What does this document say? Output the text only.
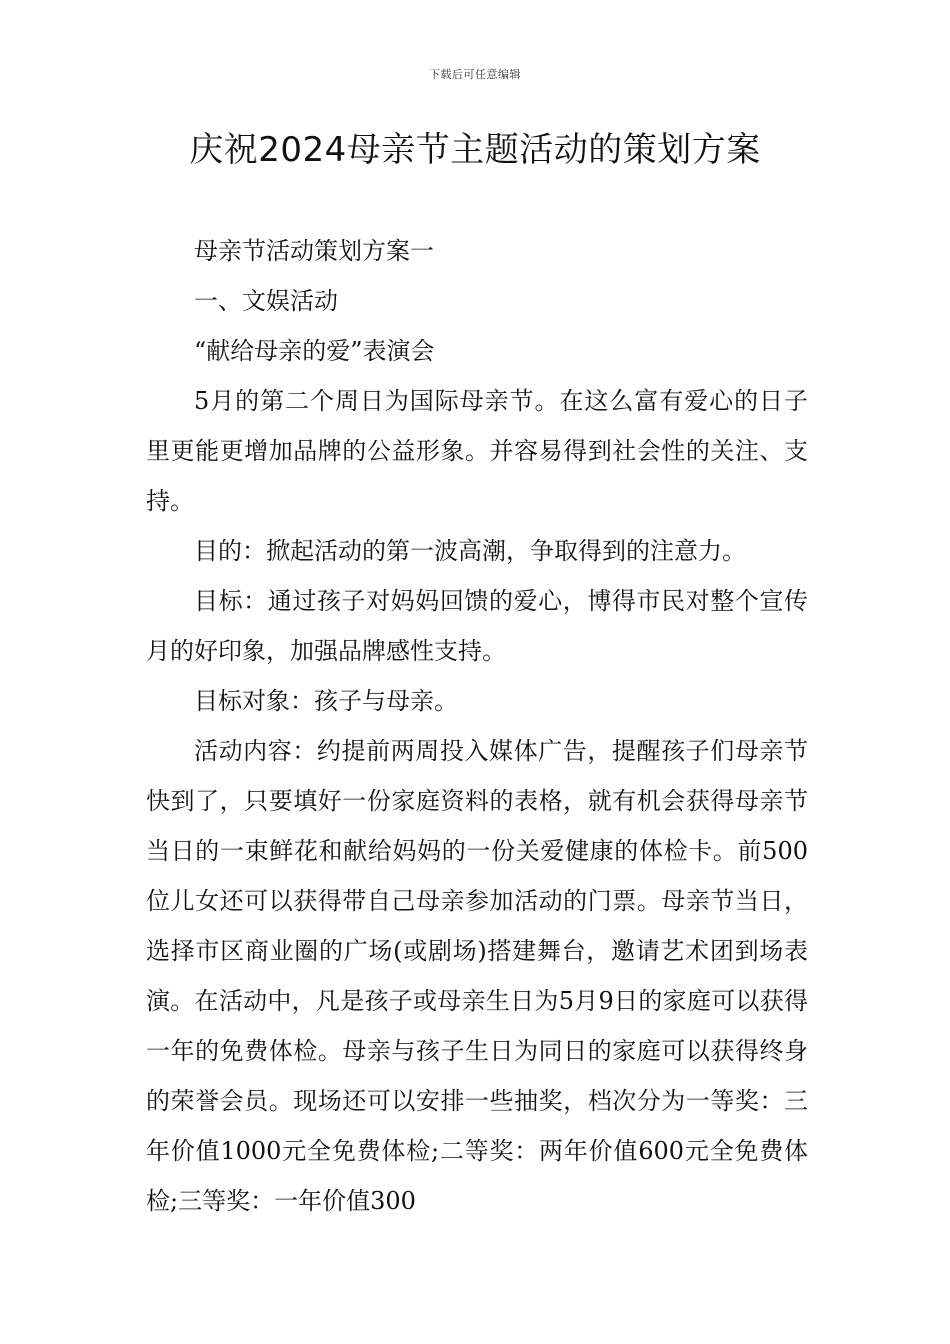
下载后可任意编辑
庆祝2024母亲节主题活动的策划方案

母亲节活动策划方案一

一、文娱活动

“献给母亲的爱”表演会

5月的第二个周日为国际母亲节。在这么富有爱心的日子里更能更增加品牌的公益形象。并容易得到社会性的关注、支持。

目的：掀起活动的第一波高潮，争取得到的注意力。

目标：通过孩子对妈妈回馈的爱心，博得市民对整个宣传月的好印象，加强品牌感性支持。

目标对象：孩子与母亲。

活动内容：约提前两周投入媒体广告，提醒孩子们母亲节快到了，只要填好一份家庭资料的表格，就有机会获得母亲节当日的一束鲜花和献给妈妈的一份关爱健康的体检卡。前500位儿女还可以获得带自己母亲参加活动的门票。母亲节当日，选择市区商业圈的广场(或剧场)搭建舞台，邀请艺术团到场表演。在活动中，凡是孩子或母亲生日为5月9日的家庭可以获得一年的免费体检。母亲与孩子生日为同日的家庭可以获得终身的荣誉会员。现场还可以安排一些抽奖，档次分为一等奖：三年价值1000元全免费体检;二等奖：两年价值600元全免费体检;三等奖：一年价值300
